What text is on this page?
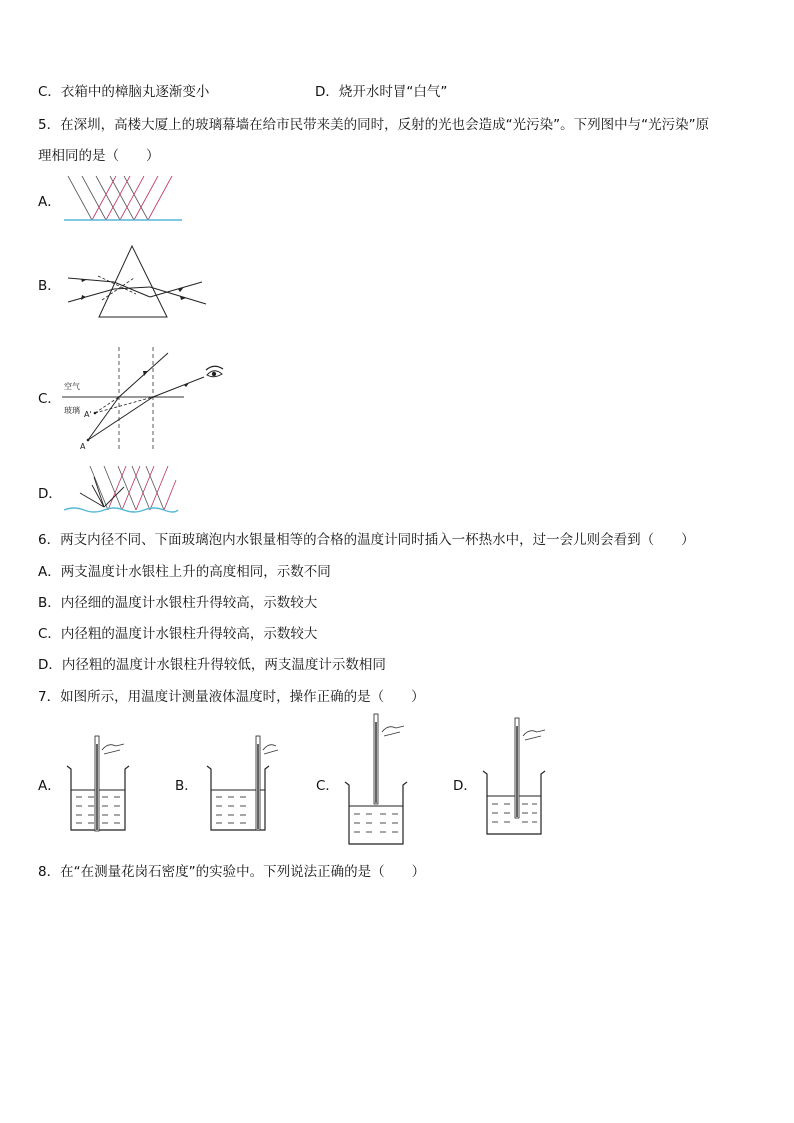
C．衣箱中的樟脑丸逐渐变小	D．烧开水时冒“白气”
5．在深圳，高楼大厦上的玻璃幕墙在给市民带来美的同时，反射的光也会造成“光污染”。下列图中与“光污染”原
理相同的是（　　）
A．
B．
C．
空气
玻璃 A'
A
D．
6．两支内径不同、下面玻璃泡内水银量相等的合格的温度计同时插入一杯热水中，过一会儿则会看到（　　）
A．两支温度计水银柱上升的高度相同，示数不同
B．内径细的温度计水银柱升得较高，示数较大
C．内径粗的温度计水银柱升得较高，示数较大
D．内径粗的温度计水银柱升得较低，两支温度计示数相同
7．如图所示，用温度计测量液体温度时，操作正确的是（　　）
A．	B．	C．	D．
8．在“在测量花岗石密度”的实验中。下列说法正确的是（　　）
